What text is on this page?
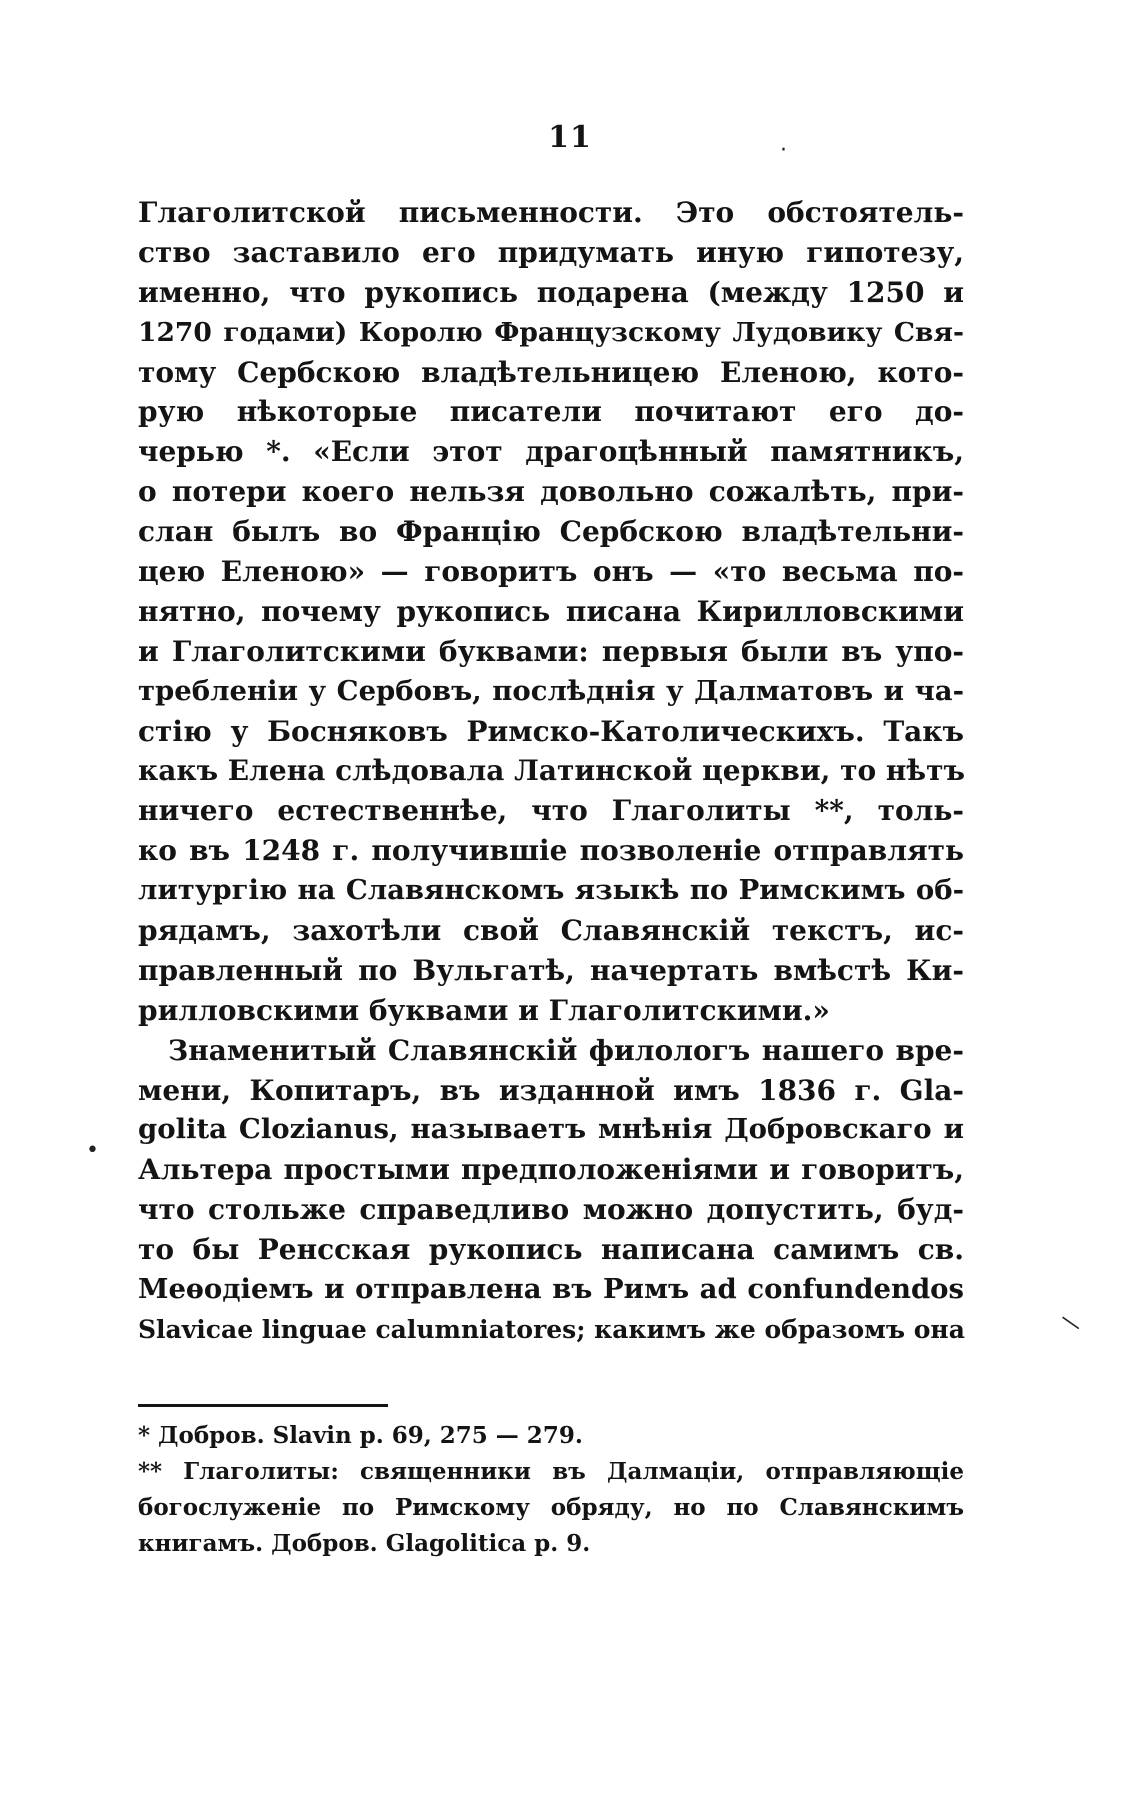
11
Глаголитской письменности. Это обстоятель-
ство заставило его придумать иную гипотезу,
именно, что рукопись подарена (между 1250 и
1270 годами) Королю Французскому Лудовику Свя-
тому Сербскою владѣтельницею Еленою, кото-
рую нѣкоторые писатели почитают его до-
черью *. «Если этот драгоцѣнный памятникъ,
о потери коего нельзя довольно сожалѣть, при-
слан былъ во Францію Сербскою владѣтельни-
цею Еленою» — говоритъ онъ — «то весьма по-
нятно, почему рукопись писана Кирилловскими
и Глаголитскими буквами: первыя были въ упо-
требленіи у Сербовъ, послѣднія у Далматовъ и ча-
стію у Босняковъ Римско-Католическихъ. Такъ
какъ Елена слѣдовала Латинской церкви, то нѣтъ
ничего естественнѣе, что Глаголиты **, толь-
ко въ 1248 г. получившіе позволеніе отправлять
литургію на Славянскомъ языкѣ по Римскимъ об-
рядамъ, захотѣли свой Славянскій текстъ, ис-
правленный по Вульгатѣ, начертать вмѣстѣ Ки-
рилловскими буквами и Глаголитскими.»
Знаменитый Славянскій филологъ нашего вре-
мени, Копитаръ, въ изданной имъ 1836 г. Gla-
golita Clozianus, называетъ мнѣнія Добровскаго и
Альтера простыми предположеніями и говоритъ,
что стольже справедливо можно допустить, буд-
то бы Ренсская рукопись написана самимъ св.
Меѳодіемъ и отправлена въ Римъ ad confundendos
Slavicae linguae calumniatores; какимъ же образомъ она
* Добров. Slavin p. 69, 275 — 279.
** Глаголиты: священники въ Далмаціи, отправляющіе
богослуженіе по Римскому обряду, но по Славянскимъ
книгамъ. Добров. Glagolitica p. 9.
·
•
—
